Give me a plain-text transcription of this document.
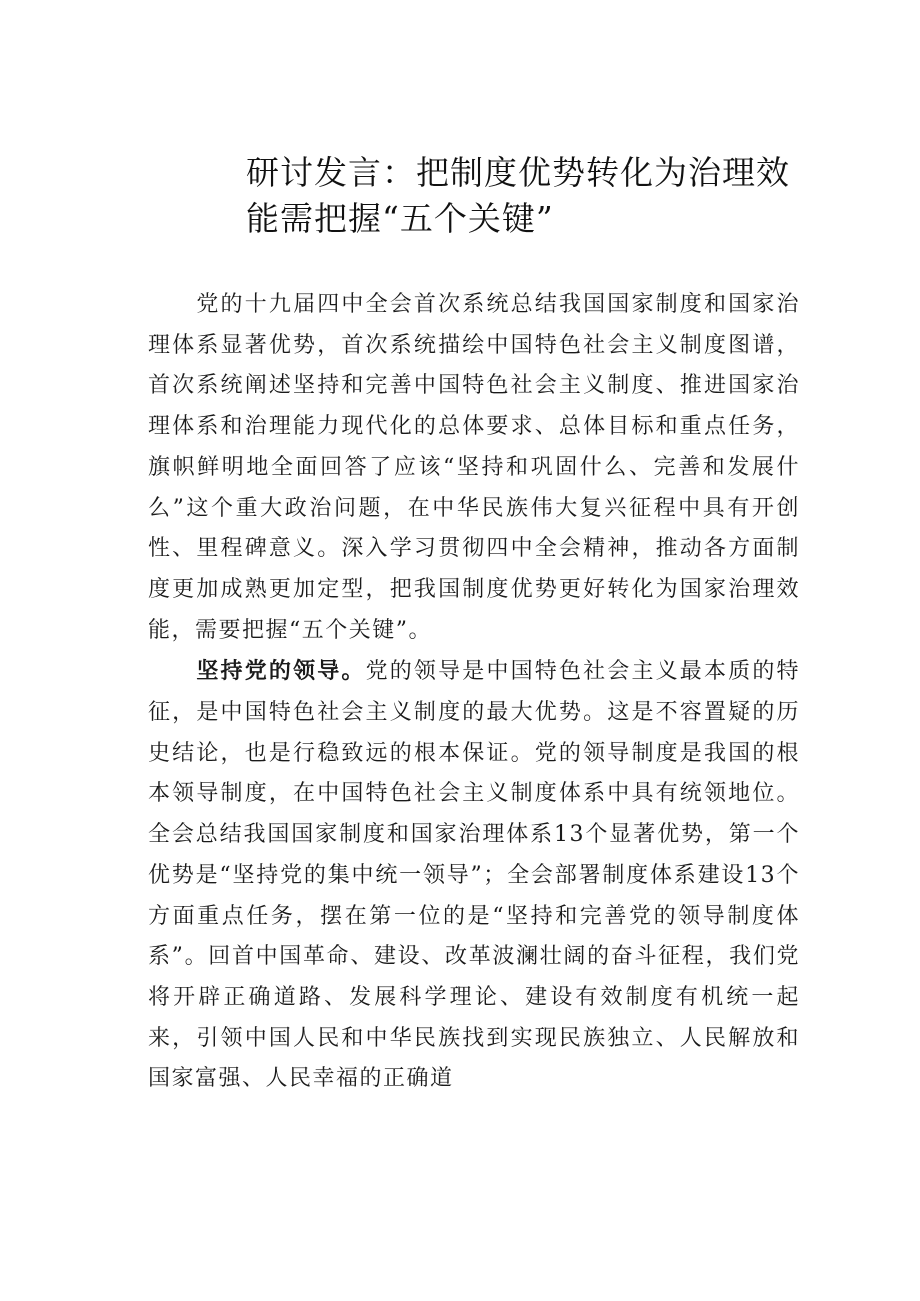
研讨发言：把制度优势转化为治理效能需把握“五个关键”

党的十九届四中全会首次系统总结我国国家制度和国家治理体系显著优势，首次系统描绘中国特色社会主义制度图谱，首次系统阐述坚持和完善中国特色社会主义制度、推进国家治理体系和治理能力现代化的总体要求、总体目标和重点任务，旗帜鲜明地全面回答了应该“坚持和巩固什么、完善和发展什么”这个重大政治问题，在中华民族伟大复兴征程中具有开创性、里程碑意义。深入学习贯彻四中全会精神，推动各方面制度更加成熟更加定型，把我国制度优势更好转化为国家治理效能，需要把握“五个关键”。

坚持党的领导。党的领导是中国特色社会主义最本质的特征，是中国特色社会主义制度的最大优势。这是不容置疑的历史结论，也是行稳致远的根本保证。党的领导制度是我国的根本领导制度，在中国特色社会主义制度体系中具有统领地位。全会总结我国国家制度和国家治理体系13个显著优势，第一个优势是“坚持党的集中统一领导”；全会部署制度体系建设13个方面重点任务，摆在第一位的是“坚持和完善党的领导制度体系”。回首中国革命、建设、改革波澜壮阔的奋斗征程，我们党将开辟正确道路、发展科学理论、建设有效制度有机统一起来，引领中国人民和中华民族找到实现民族独立、人民解放和国家富强、人民幸福的正确道
